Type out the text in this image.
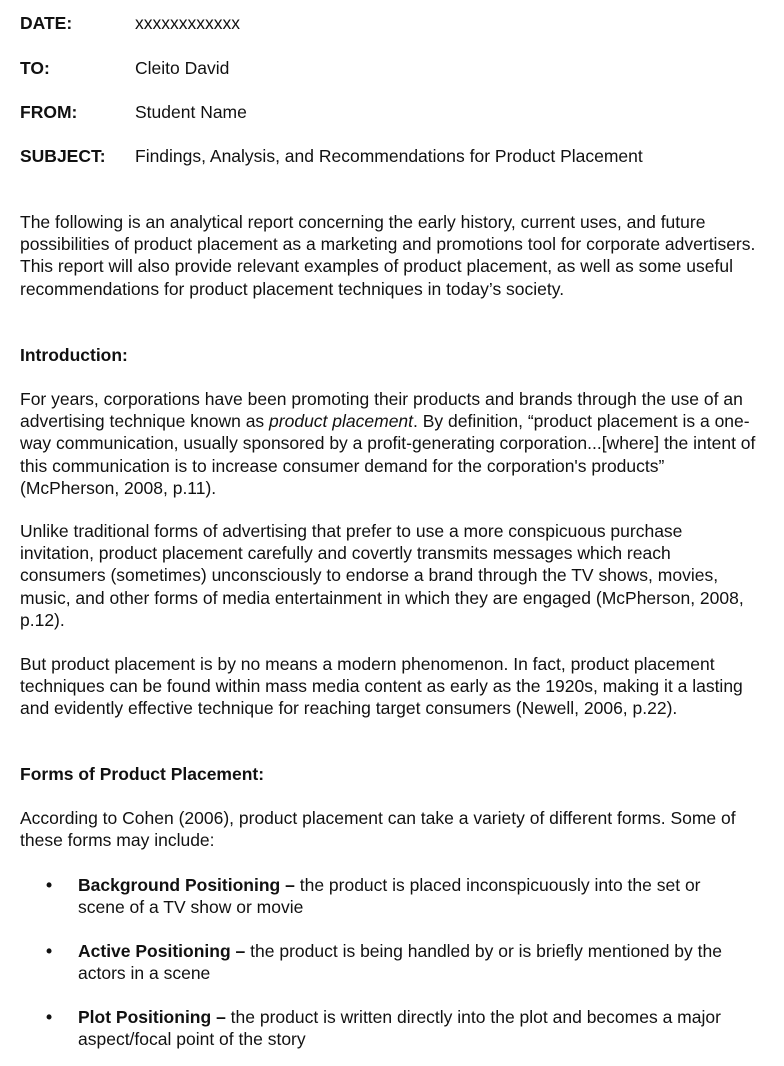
DATE:	xxxxxxxxxxxx
TO:	Cleito David
FROM:	Student Name
SUBJECT: Findings, Analysis, and Recommendations for Product Placement

The following is an analytical report concerning the early history, current uses, and future possibilities of product placement as a marketing and promotions tool for corporate advertisers. This report will also provide relevant examples of product placement, as well as some useful recommendations for product placement techniques in today’s society.

Introduction:

For years, corporations have been promoting their products and brands through the use of an advertising technique known as product placement. By definition, “product placement is a one-way communication, usually sponsored by a profit-generating corporation...[where] the intent of this communication is to increase consumer demand for the corporation's products” (McPherson, 2008, p.11).

Unlike traditional forms of advertising that prefer to use a more conspicuous purchase invitation, product placement carefully and covertly transmits messages which reach consumers (sometimes) unconsciously to endorse a brand through the TV shows, movies, music, and other forms of media entertainment in which they are engaged (McPherson, 2008, p.12).

But product placement is by no means a modern phenomenon. In fact, product placement techniques can be found within mass media content as early as the 1920s, making it a lasting and evidently effective technique for reaching target consumers (Newell, 2006, p.22).

Forms of Product Placement:

According to Cohen (2006), product placement can take a variety of different forms. Some of these forms may include:

• Background Positioning – the product is placed inconspicuously into the set or scene of a TV show or movie
• Active Positioning – the product is being handled by or is briefly mentioned by the actors in a scene
• Plot Positioning – the product is written directly into the plot and becomes a major aspect/focal point of the story
